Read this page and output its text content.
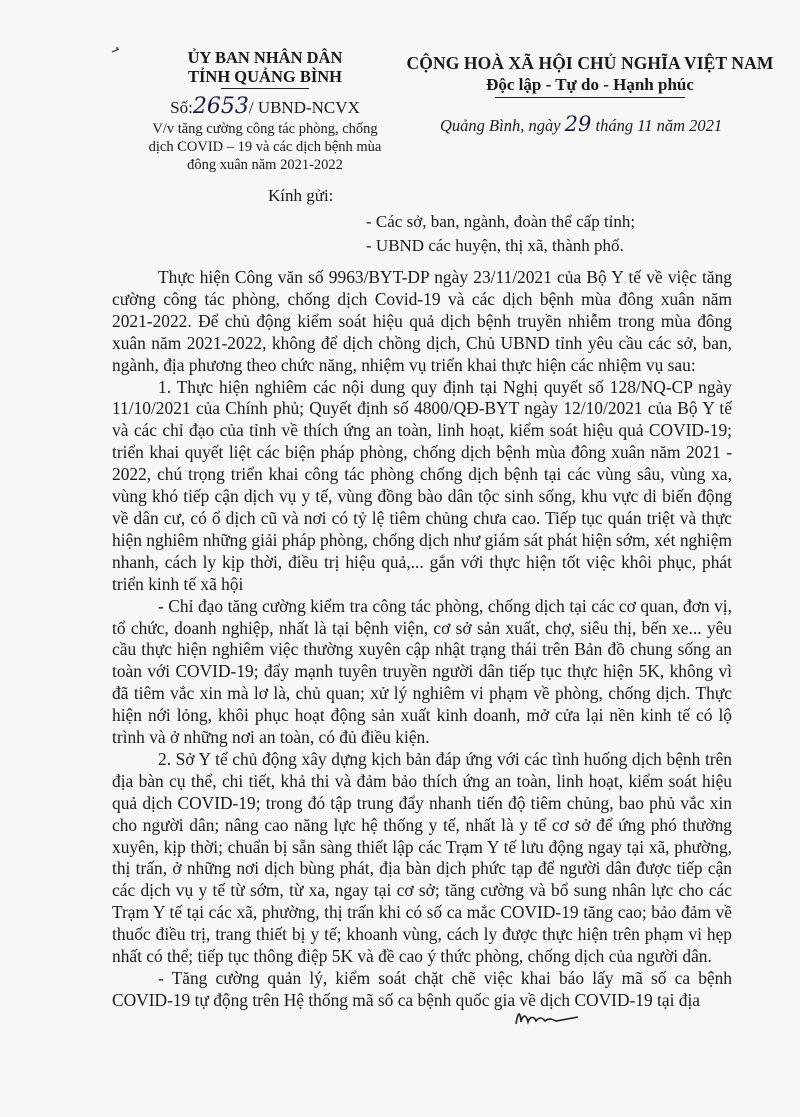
ỦY BAN NHÂN DÂN
TỈNH QUẢNG BÌNH
Số:2653/ UBND-NCVX
V/v tăng cường công tác phòng, chống
dịch COVID – 19 và các dịch bệnh mùa
đông xuân năm 2021-2022
CỘNG HOÀ XÃ HỘI CHỦ NGHĨA VIỆT NAM
Độc lập - Tự do - Hạnh phúc
Quảng Bình, ngày 29 tháng 11 năm 2021
Kính gửi:
- Các sở, ban, ngành, đoàn thể cấp tỉnh;
- UBND các huyện, thị xã, thành phố.

Thực hiện Công văn số 9963/BYT-DP ngày 23/11/2021 của Bộ Y tế về việc tăng cường công tác phòng, chống dịch Covid-19 và các dịch bệnh mùa đông xuân năm 2021-2022. Để chủ động kiểm soát hiệu quả dịch bệnh truyền nhiễm trong mùa đông xuân năm 2021-2022, không để dịch chồng dịch, Chủ UBND tỉnh yêu cầu các sở, ban, ngành, địa phương theo chức năng, nhiệm vụ triển khai thực hiện các nhiệm vụ sau:

1. Thực hiện nghiêm các nội dung quy định tại Nghị quyết số 128/NQ-CP ngày 11/10/2021 của Chính phủ; Quyết định số 4800/QĐ-BYT ngày 12/10/2021 của Bộ Y tế và các chỉ đạo của tỉnh về thích ứng an toàn, linh hoạt, kiểm soát hiệu quả COVID-19; triển khai quyết liệt các biện pháp phòng, chống dịch bệnh mùa đông xuân năm 2021 - 2022, chú trọng triển khai công tác phòng chống dịch bệnh tại các vùng sâu, vùng xa, vùng khó tiếp cận dịch vụ y tế, vùng đồng bào dân tộc sinh sống, khu vực di biến động về dân cư, có ổ dịch cũ và nơi có tỷ lệ tiêm chủng chưa cao. Tiếp tục quán triệt và thực hiện nghiêm những giải pháp phòng, chống dịch như giám sát phát hiện sớm, xét nghiệm nhanh, cách ly kịp thời, điều trị hiệu quả,... gắn với thực hiện tốt việc khôi phục, phát triển kinh tế xã hội

- Chỉ đạo tăng cường kiểm tra công tác phòng, chống dịch tại các cơ quan, đơn vị, tổ chức, doanh nghiệp, nhất là tại bệnh viện, cơ sở sản xuất, chợ, siêu thị, bến xe... yêu cầu thực hiện nghiêm việc thường xuyên cập nhật trạng thái trên Bản đồ chung sống an toàn với COVID-19; đẩy mạnh tuyên truyền người dân tiếp tục thực hiện 5K, không vì đã tiêm vắc xin mà lơ là, chủ quan; xử lý nghiêm vi phạm về phòng, chống dịch. Thực hiện nới lỏng, khôi phục hoạt động sản xuất kinh doanh, mở cửa lại nền kinh tế có lộ trình và ở những nơi an toàn, có đủ điều kiện.

2. Sở Y tế chủ động xây dựng kịch bản đáp ứng với các tình huống dịch bệnh trên địa bàn cụ thể, chi tiết, khả thi và đảm bảo thích ứng an toàn, linh hoạt, kiểm soát hiệu quả dịch COVID-19; trong đó tập trung đẩy nhanh tiến độ tiêm chủng, bao phủ vắc xin cho người dân; nâng cao năng lực hệ thống y tế, nhất là y tế cơ sở để ứng phó thường xuyên, kịp thời; chuẩn bị sẵn sàng thiết lập các Trạm Y tế lưu động ngay tại xã, phường, thị trấn, ở những nơi dịch bùng phát, địa bàn dịch phức tạp để người dân được tiếp cận các dịch vụ y tế từ sớm, từ xa, ngay tại cơ sở; tăng cường và bổ sung nhân lực cho các Trạm Y tế tại các xã, phường, thị trấn khi có số ca mắc COVID-19 tăng cao; bảo đảm về thuốc điều trị, trang thiết bị y tế; khoanh vùng, cách ly được thực hiện trên phạm vi hẹp nhất có thể; tiếp tục thông điệp 5K và đề cao ý thức phòng, chống dịch của người dân.

- Tăng cường quản lý, kiểm soát chặt chẽ việc khai báo lấy mã số ca bệnh COVID-19 tự động trên Hệ thống mã số ca bệnh quốc gia về dịch COVID-19 tại địa
